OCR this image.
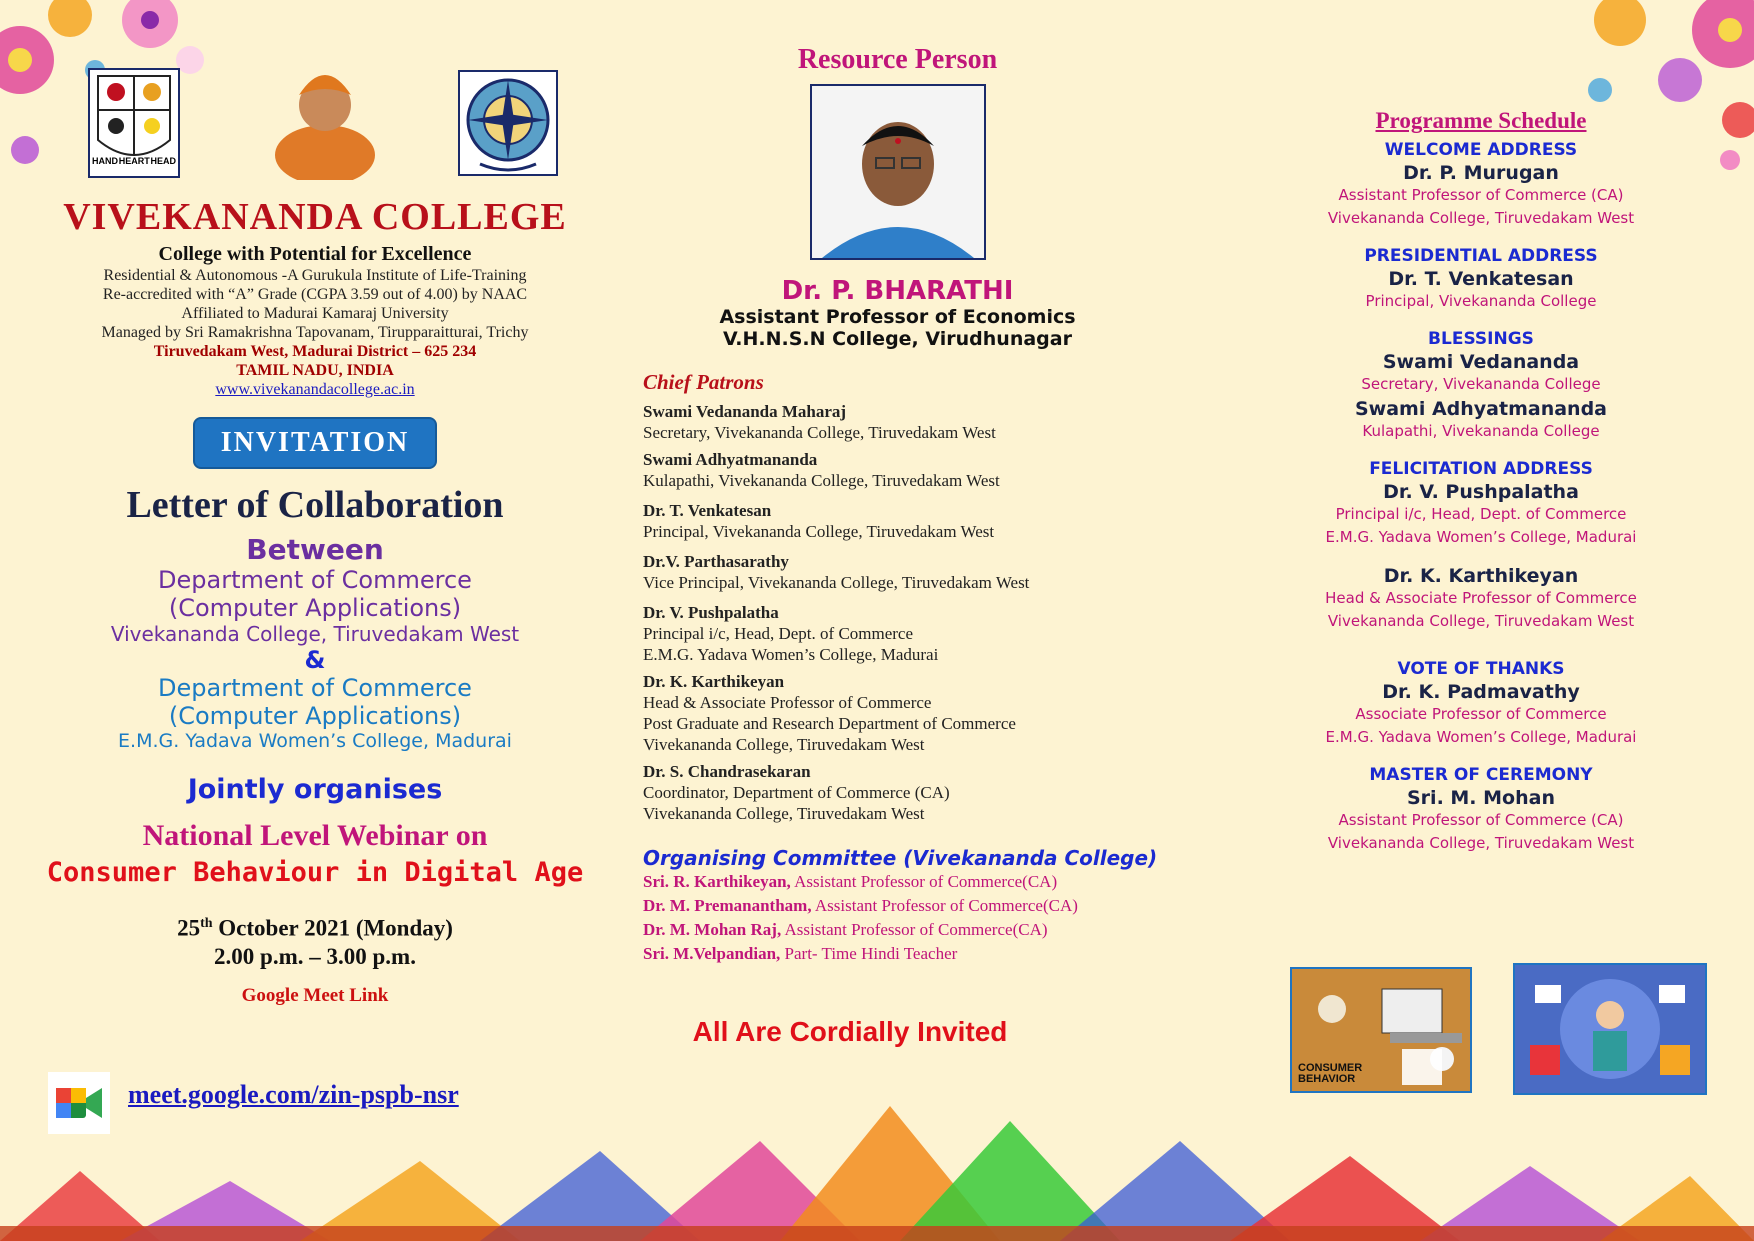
HAND HEART HEAD
VIVEKANANDA COLLEGE
College with Potential for Excellence
Residential & Autonomous -A Gurukula Institute of Life-Training
Re-accredited with “A” Grade (CGPA 3.59 out of 4.00) by NAAC
Affiliated to Madurai Kamaraj University
Managed by Sri Ramakrishna Tapovanam, Tirupparaitturai, Trichy
Tiruvedakam West, Madurai District – 625 234
TAMIL NADU, INDIA
www.vivekanandacollege.ac.in
INVITATION
Letter of Collaboration
Between
Department of Commerce
(Computer Applications)
Vivekananda College, Tiruvedakam West
&
Department of Commerce
(Computer Applications)
E.M.G. Yadava Women’s College, Madurai
Jointly organises
National Level Webinar on
Consumer Behaviour in Digital Age
25th October 2021 (Monday)
2.00 p.m. – 3.00 p.m.
Google Meet Link
meet.google.com/zin-pspb-nsr
Resource Person
Dr. P. BHARATHI
Assistant Professor of Economics
V.H.N.S.N College, Virudhunagar
Chief Patrons
Swami Vedananda Maharaj
Secretary, Vivekananda College, Tiruvedakam West
Swami Adhyatmananda
Kulapathi, Vivekananda College, Tiruvedakam West
Dr. T. Venkatesan
Principal, Vivekananda College, Tiruvedakam West
Dr.V. Parthasarathy
Vice Principal, Vivekananda College, Tiruvedakam West
Dr. V. Pushpalatha
Principal i/c, Head, Dept. of Commerce
E.M.G. Yadava Women’s College, Madurai
Dr. K. Karthikeyan
Head & Associate Professor of Commerce
Post Graduate and Research Department of Commerce
Vivekananda College, Tiruvedakam West
Dr. S. Chandrasekaran
Coordinator, Department of Commerce (CA)
Vivekananda College, Tiruvedakam West
Organising Committee (Vivekananda College)
Sri. R. Karthikeyan, Assistant Professor of Commerce(CA)
Dr. M. Premanantham, Assistant Professor of Commerce(CA)
Dr. M. Mohan Raj, Assistant Professor of Commerce(CA)
Sri. M.Velpandian, Part- Time Hindi Teacher
All Are Cordially Invited
Programme Schedule
WELCOME ADDRESS
Dr. P. Murugan
Assistant Professor of Commerce (CA)
Vivekananda College, Tiruvedakam West
PRESIDENTIAL ADDRESS
Dr. T. Venkatesan
Principal, Vivekananda College
BLESSINGS
Swami Vedananda
Secretary, Vivekananda College
Swami Adhyatmananda
Kulapathi, Vivekananda College
FELICITATION ADDRESS
Dr. V. Pushpalatha
Principal i/c, Head, Dept. of Commerce
E.M.G. Yadava Women’s College, Madurai
Dr. K. Karthikeyan
Head & Associate Professor of Commerce
Vivekananda College, Tiruvedakam West
VOTE OF THANKS
Dr. K. Padmavathy
Associate Professor of Commerce
E.M.G. Yadava Women’s College, Madurai
MASTER OF CEREMONY
Sri. M. Mohan
Assistant Professor of Commerce (CA)
Vivekananda College, Tiruvedakam West
CONSUMER BEHAVIOR
